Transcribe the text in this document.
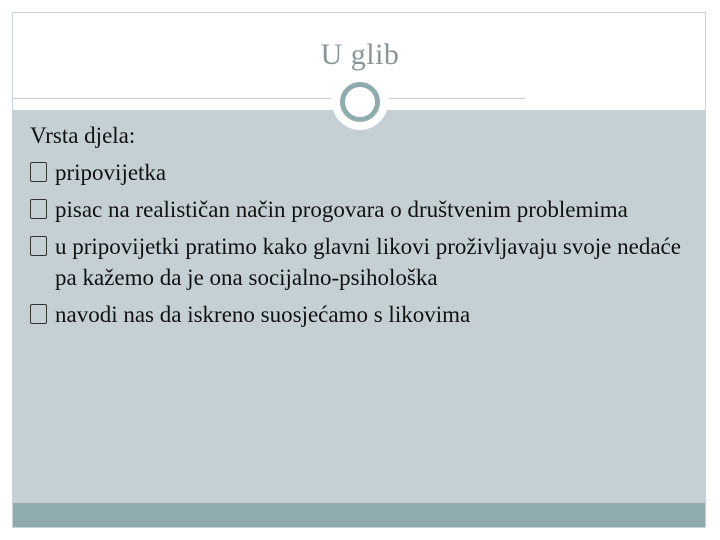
U glib

Vrsta djela:

pripovijetka
pisac na realističan način progovara o društvenim problemima
u pripovijetki pratimo kako glavni likovi proživljavaju svoje nedaće pa kažemo da je ona socijalno-psihološka
navodi nas da iskreno suosjećamo s likovima
